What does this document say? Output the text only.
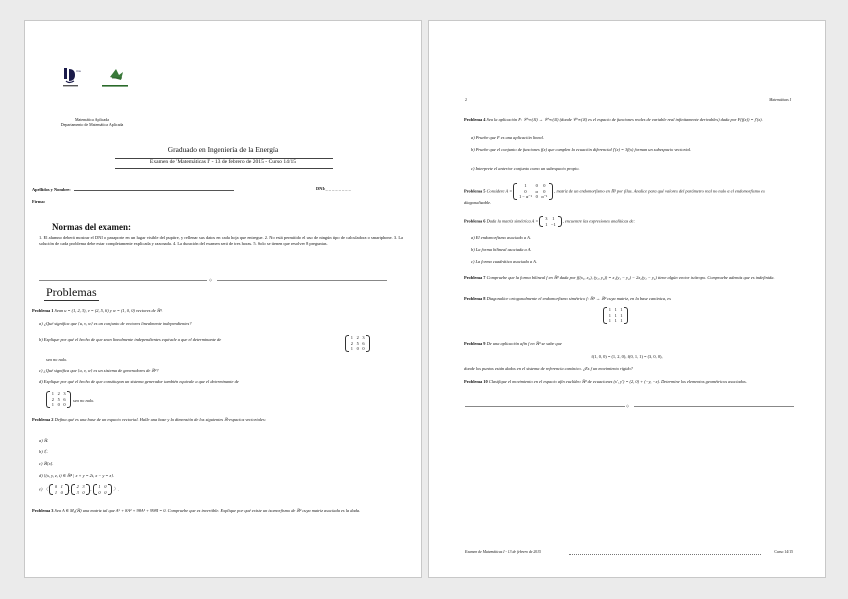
ma
Matemática Aplicada
Departamento de Matemática Aplicada
Graduado en Ingeniería de la Energía
Examen de 'Matemáticas I' - 13 de febrero de 2015 - Curso 14/15
Apellidos y Nombre:	DNI:_ _ _ _ _ _ _ _
Firma:
Normas del examen:
1. El alumno deberá mostrar el DNI o pasaporte en un lugar visible del pupitre, y rellenar sus datos en cada hoja que entregue. 2. No está permitido el uso de ningún tipo de calculadora o smartphone. 3. La solución de cada problema debe estar completamente explicada y razonada. 4. La duración del examen será de tres horas. 5. Solo se tienen que resolver 8 preguntas.
◇
Problemas
Problema 1 Sean u = (1, 2, 3), v = (2, 5, 6) y w = (1, 0, 0) vectores de ℝ³.
a) ¿Qué significa que {u, v, w} es un conjunto de vectores linealmente independientes?
b) Explique por qué el hecho de que sean linealmente independientes equivale a que el determinante de	1	2	3
2	5	6
1	0	0
sea no nulo.
c) ¿Qué significa que {u, v, w} es un sistema de generadores de ℝ³?
d) Explique por qué el hecho de que constituyan un sistema generador también equivale a que el determinante de
1	2	3
2	5	6
1	0	0
sea no nulo.
Problema 2 Defina qué es una base de un espacio vectorial. Halle una base y la dimensión de los siguientes ℝ-espacios vectoriales:
a) ℝ.
b) ℂ.
c) ℝ[x].
d) {(x, y, z, t) ∈ ℝ⁴ | x + y = 2t, x − y = z}.
e) 〈
0	1
1	0
,
2	3
3	0
,
1	0
0	0
〉.
Problema 3 Sea A ∈ M₃(ℝ) una matriz tal que A⁵ + 8A³ + 98A² + 998I = 0. Compruebe que es invertible. Explique por qué existe un isomorfismo de ℝ³ cuya matriz asociada es la dada.
2	Matemáticas I
Problema 4 Sea la aplicación F: 𝒞^∞(ℝ) → 𝒞^∞(ℝ) (donde 𝒞^∞(ℝ) es el espacio de funciones reales de variable real infinitamente derivables) dada por F(f(x)) = f′(x).
a) Pruebe que F es una aplicación lineal.
b) Pruebe que el conjunto de funciones f(x) que cumplen la ecuación diferencial f′(x) = 3f(x) forman un subespacio vectorial.
c) Interprete el anterior conjunto como un subespacio propio.
Problema 5 Considere A =
1	0	0
0	α	0
1 − α⁻¹	0	α⁻¹
, matriz de un endomorfismo en ℝ³ por filas. Analice para qué valores del parámetro real no nulo α el endomorfismo es diagonalizable.
Problema 6 Dada la matriz simétrica A =
3	1
1	−1
, encuentre las expresiones analíticas de:
a) El endomorfismo asociado a A.
b) La forma bilineal asociada a A.
c) La forma cuadrática asociada a A.
Problema 7 Compruebe que la forma bilineal f en ℝ² dada por f((x₁, x₂), (y₁, y₂)) = x₁(y₁ − y₂) − 2x₂(y₁ − y₂) tiene algún vector isótropo. Compruebe además que es indefinida.
Problema 8 Diagonalice ortogonalmente el endomorfismo simétrico f: ℝ³ → ℝ³ cuya matriz, en la base canónica, es
1	1	1
1	1	1
1	1	1
Problema 9 De una aplicación afín f en ℝ³ se sabe que
f(1, 0, 0) = (1, 2, 0), f(0, 1, 1) = (3, 0, 0),
donde los puntos están dados en el sistema de referencia canónico. ¿Es f un movimiento rígido?
Problema 10 Clasifique el movimiento en el espacio afín euclídeo ℝ² de ecuaciones (x′, y′) = (2, 0) + (−y, −x). Determine los elementos geométricos asociados.
◇
Examen de Matemáticas I - 13 de febrero de 2015	Curso 14/15
